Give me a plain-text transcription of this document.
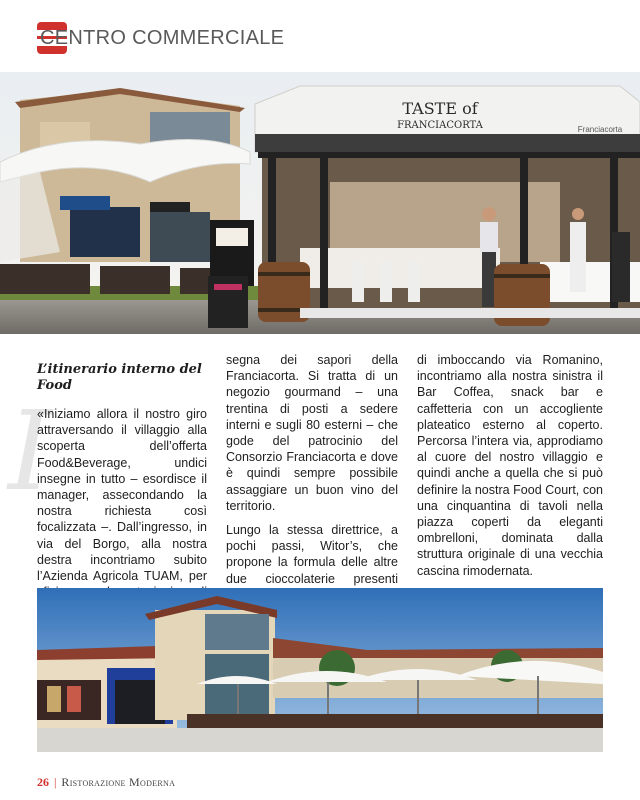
CENTRO COMMERCIALE
TASTE of
FRANCIACORTA	Franciacorta
I
L’itinerario interno del Food

«Iniziamo allora il nostro giro attraversando il villaggio alla scoperta dell’offerta Food&Beverage, undici insegne in tutto – esordisce il manager, assecondando la nostra richiesta così focalizzata –. Dall’ingresso, in via del Borgo, alla nostra destra incontriamo subito l’Azienda Agricola TUAM, per

segna dei sapori della Franciacorta. Si tratta di un negozio gourmand – una trentina di posti a sedere interni e sugli 80 esterni – che gode del patrocinio del Consorzio Franciacorta e dove è quindi sempre possibile assaggiare un buon vino del territorio.

Lungo la stessa direttrice, a pochi passi, Witor’s, che propone la formula delle altre due cioccolaterie presenti

di imboccando via Romanino, incontriamo alla nostra sinistra il Bar Coffea, snack bar e caffetteria con un accogliente plateatico esterno al coperto. Percorsa l’intera via, approdiamo al cuore del nostro villaggio e quindi anche a quella che si può definire la nostra Food Court, con una cinquantina di tavoli nella piazza coperti da eleganti ombrelloni, dominata dalla struttura originale di una vecchia cascina rimodernata.

26 | Ristorazione Moderna
